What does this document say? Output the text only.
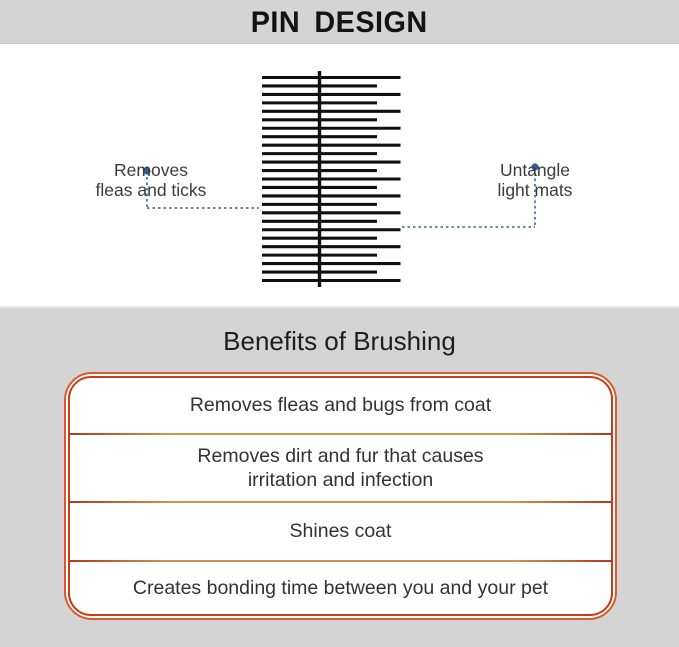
PIN DESIGN
Removes
fleas and ticks
Untangle
light mats
Benefits of Brushing
Removes fleas and bugs from coat
Removes dirt and fur that causes
irritation and infection
Shines coat
Creates bonding time between you and your pet
